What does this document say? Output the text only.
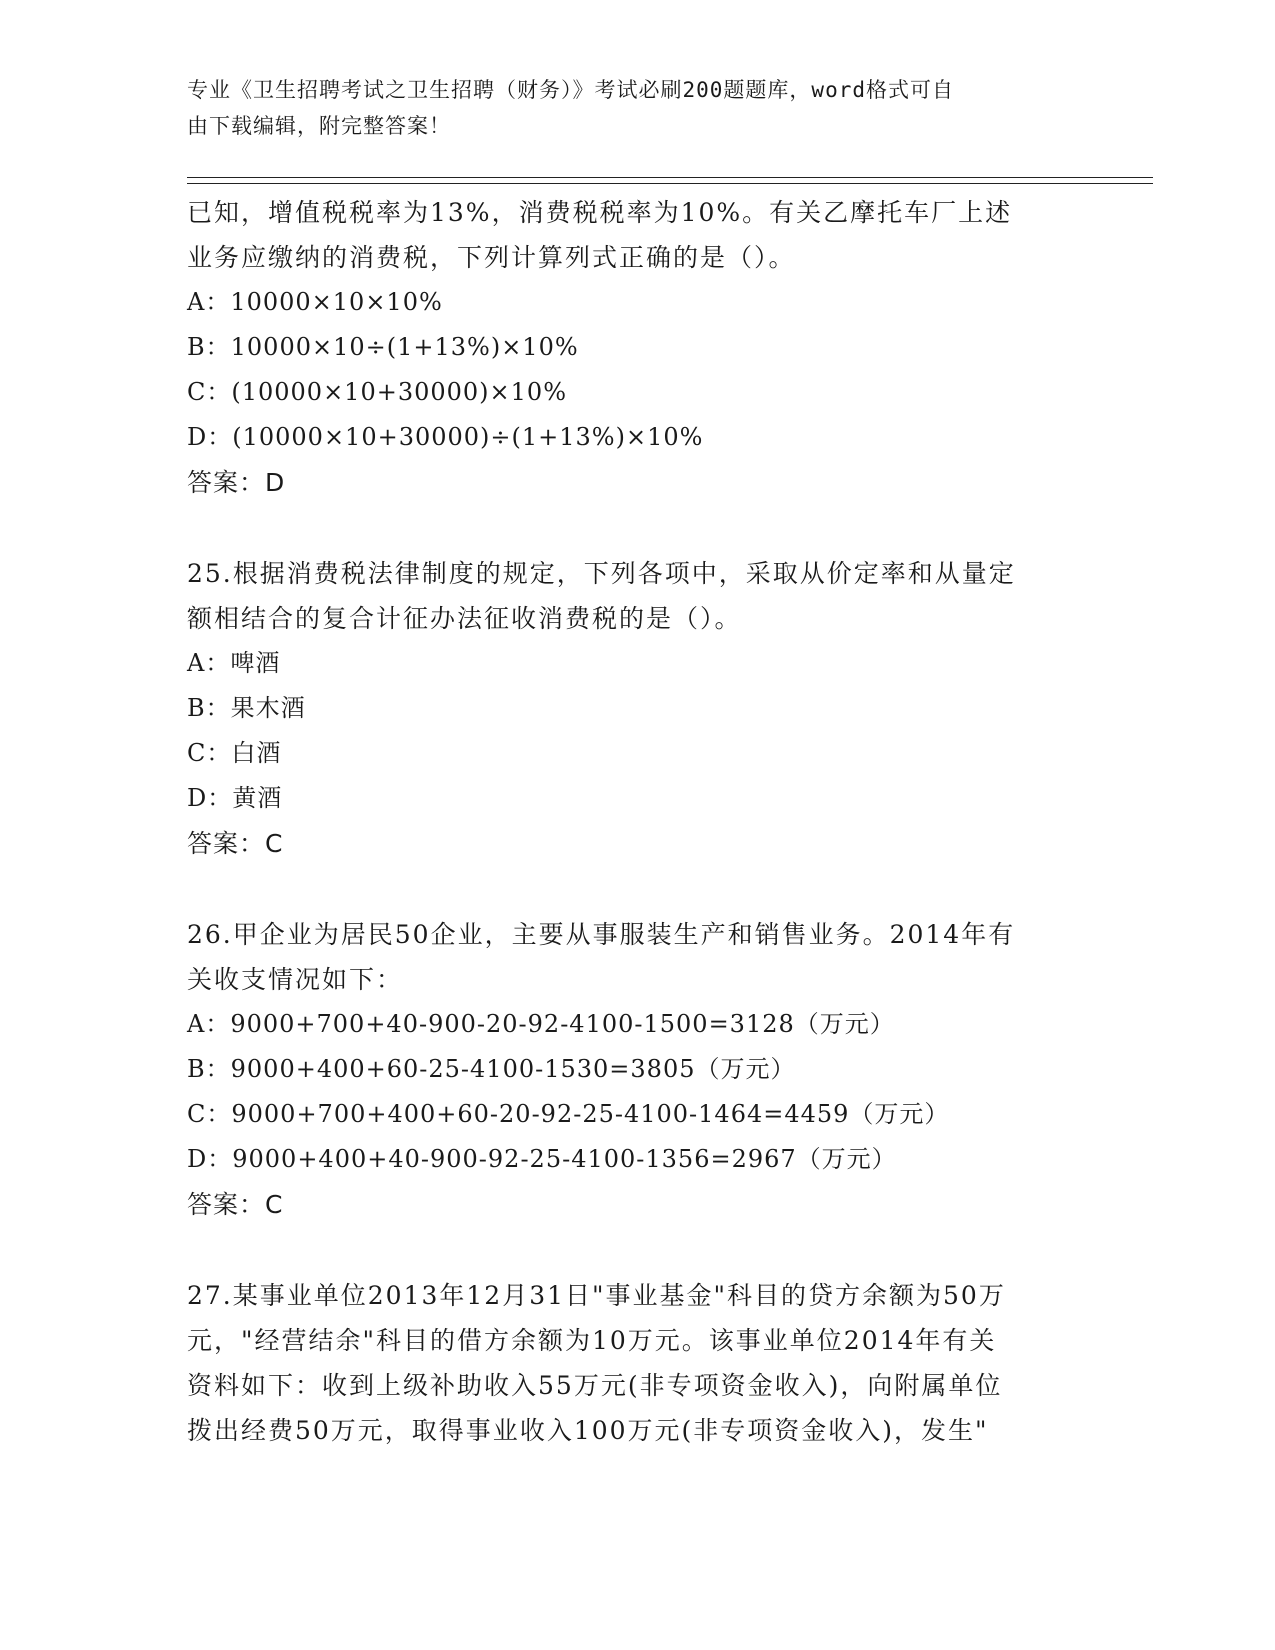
专业《卫生招聘考试之卫生招聘（财务）》考试必刷200题题库，word格式可自
由下载编辑，附完整答案！

已知，增值税税率为13%，消费税税率为10%。有关乙摩托车厂上述

业务应缴纳的消费税，下列计算列式正确的是（）。

A：10000×10×10%

B：10000×10÷(1+13%)×10%

C：(10000×10+30000)×10%

D：(10000×10+30000)÷(1+13%)×10%

答案：D

25.根据消费税法律制度的规定，下列各项中，采取从价定率和从量定

额相结合的复合计征办法征收消费税的是（）。

A：啤酒

B：果木酒

C：白酒

D：黄酒

答案：C

26.甲企业为居民50企业，主要从事服装生产和销售业务。2014年有

关收支情况如下：

A：9000+700+40-900-20-92-4100-1500=3128（万元）

B：9000+400+60-25-4100-1530=3805（万元）

C：9000+700+400+60-20-92-25-4100-1464=4459（万元）

D：9000+400+40-900-92-25-4100-1356=2967（万元）

答案：C

27.某事业单位2013年12月31日"事业基金"科目的贷方余额为50万

元，"经营结余"科目的借方余额为10万元。该事业单位2014年有关

资料如下：收到上级补助收入55万元(非专项资金收入)，向附属单位

拨出经费50万元，取得事业收入100万元(非专项资金收入)，发生"
